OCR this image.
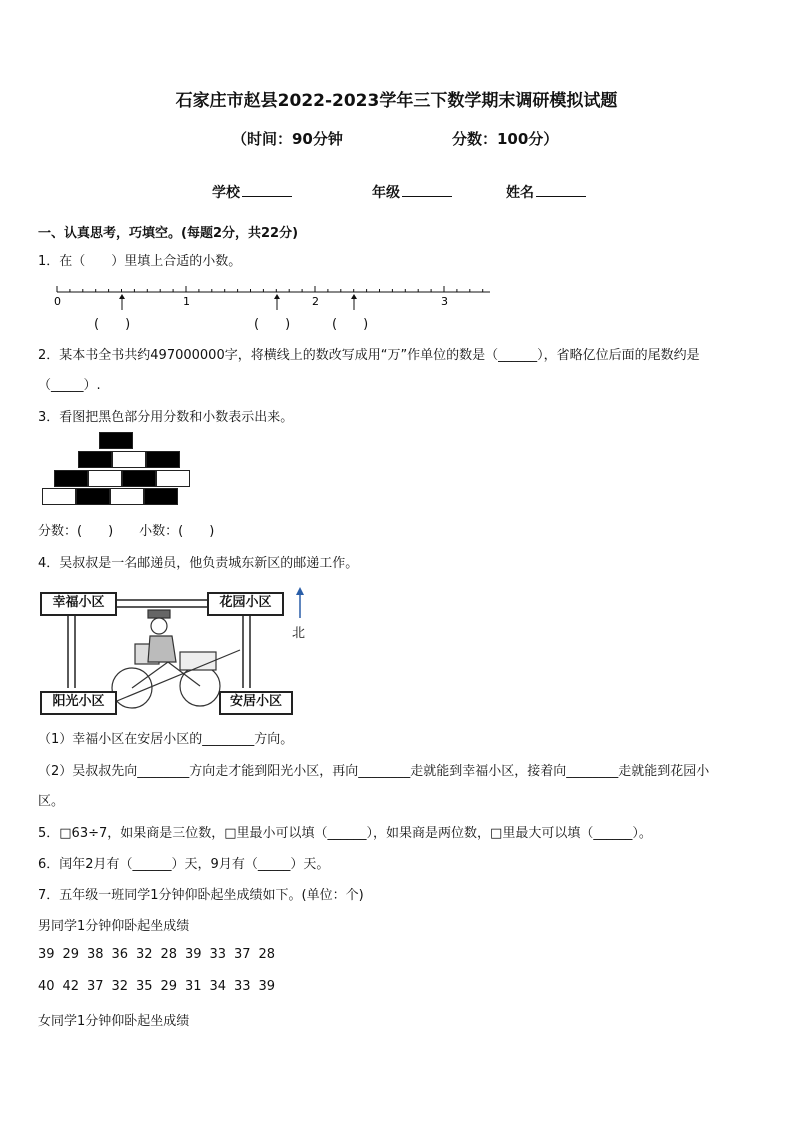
石家庄市赵县2022-2023学年三下数学期末调研模拟试题
（时间：90分钟	分数：100分）
学校	年级	姓名
一、认真思考，巧填空。(每题2分，共22分)
1．在（　　）里填上合适的小数。
0	1	2	3
(　　)	(　　)	(　　)
2．某本书全书共约497000000字，将横线上的数改写成用“万”作单位的数是（______），省略亿位后面的尾数约是
（_____）.
3．看图把黑色部分用分数和小数表示出来。
分数：(　　)　　小数：(　　)
4．吴叔叔是一名邮递员，他负责城东新区的邮递工作。
幸福小区	花园小区
阳光小区	安居小区
北
（1）幸福小区在安居小区的________方向。
（2）吴叔叔先向________方向走才能到阳光小区，再向________走就能到幸福小区，接着向________走就能到花园小
区。
5．□63÷7，如果商是三位数，□里最小可以填（______），如果商是两位数，□里最大可以填（______）。
6．闰年2月有（______）天，9月有（_____）天。
7．五年级一班同学1分钟仰卧起坐成绩如下。(单位：个)
男同学1分钟仰卧起坐成绩
39 29 38 36 32 28 39 33 37 28
40 42 37 32 35 29 31 34 33 39
女同学1分钟仰卧起坐成绩
